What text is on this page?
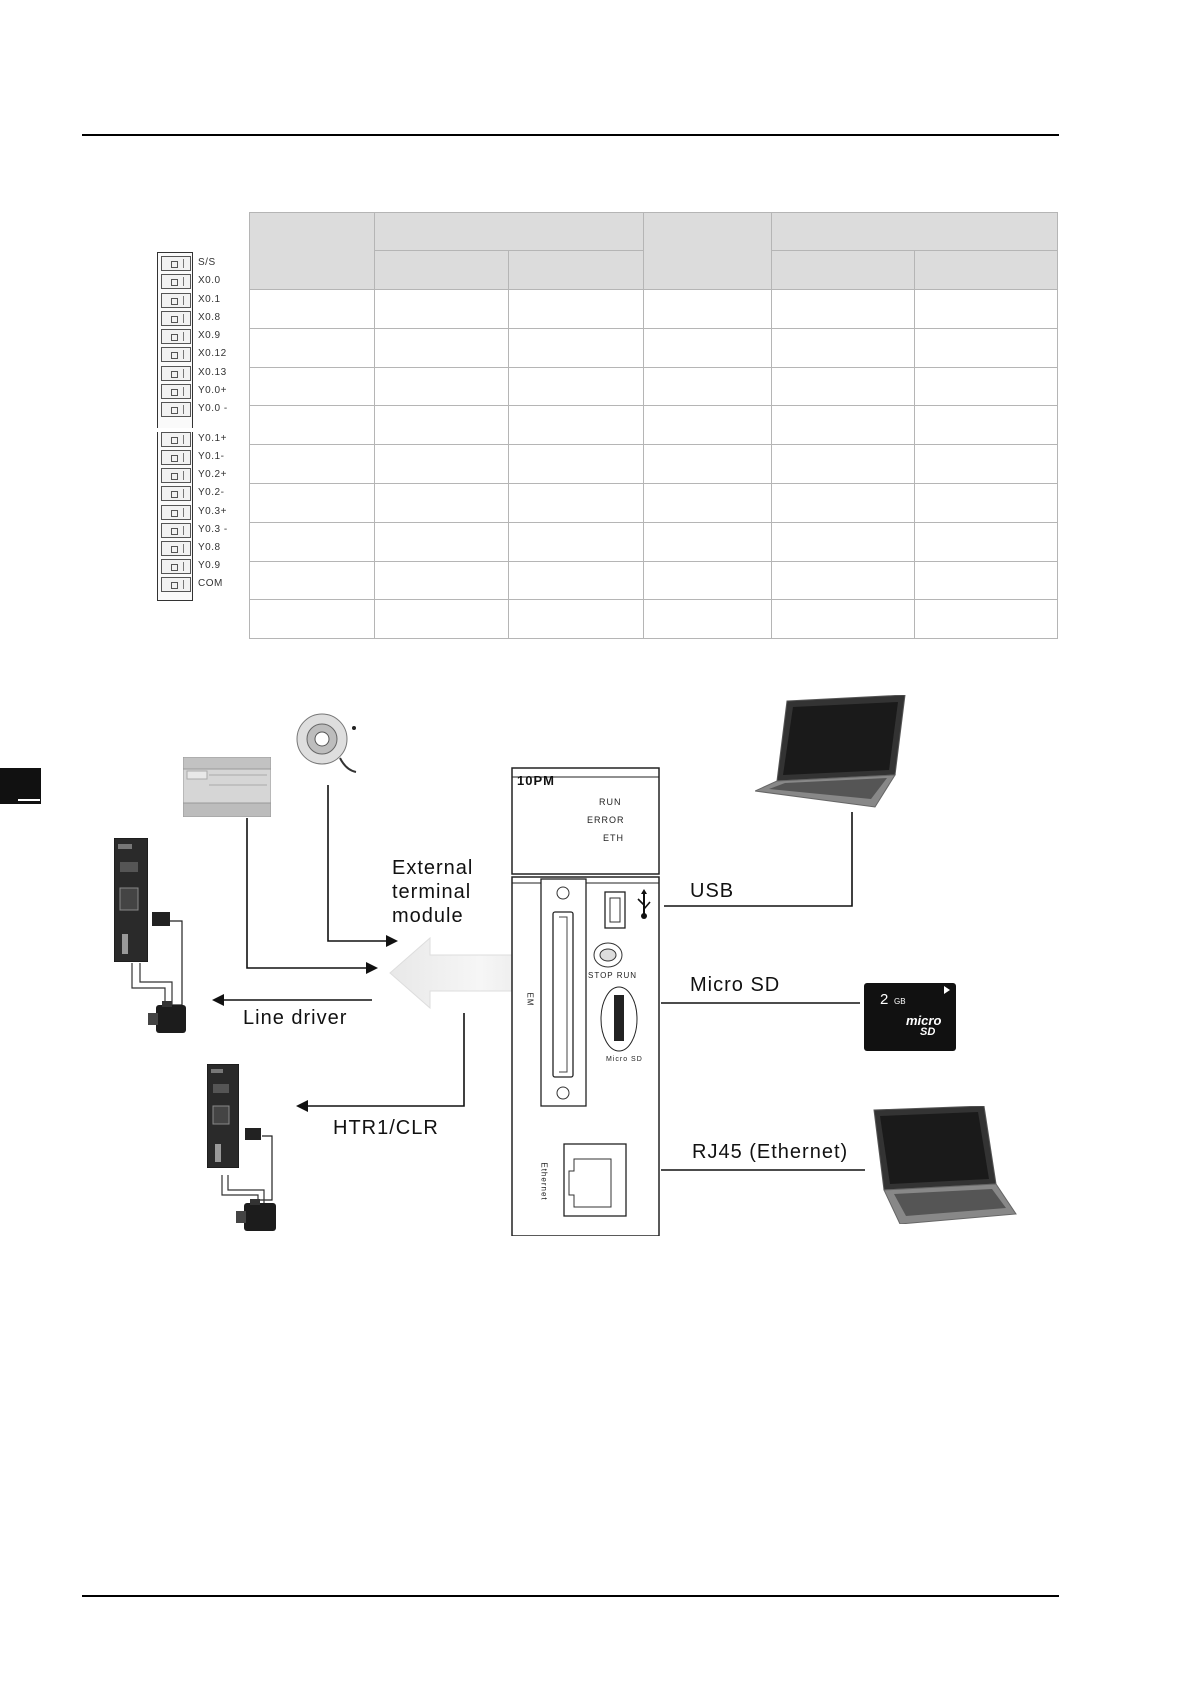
S/S
X0.0
X0.1
X0.8
X0.9
X0.12
X0.13
Y0.0+
Y0.0 -
Y0.1+
Y0.1-
Y0.2+
Y0.2-
Y0.3+
Y0.3 -
Y0.8
Y0.9
COM

External
terminal
module
Line driver
HTR1/CLR
USB
Micro SD
RJ45 (Ethernet)
10PM
RUN
ERROR
ETH
STOP RUN
Micro SD
EM
Ethernet
2 GB
micro
SD
